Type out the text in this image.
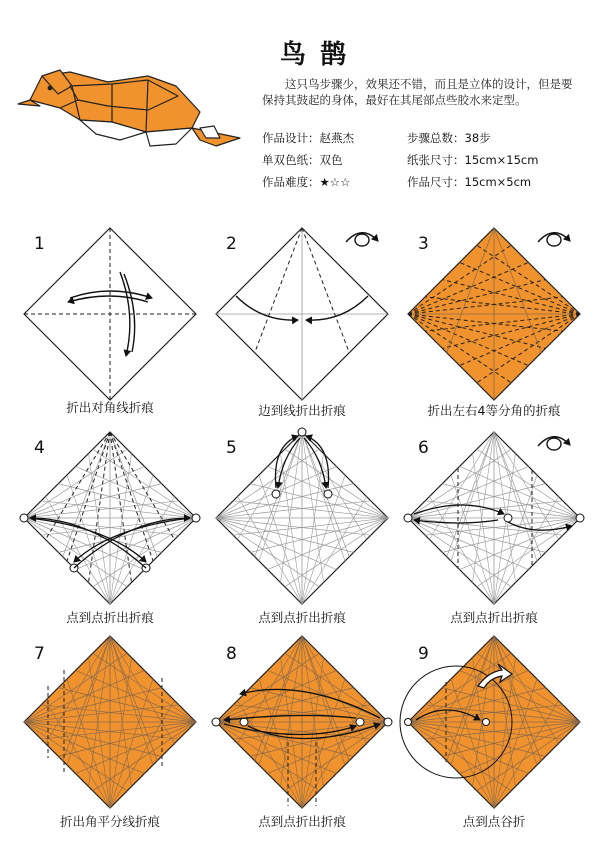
鸟鹊
这只鸟步骤少，效果还不错，而且是立体的设计，但是要保持其鼓起的身体，最好在其尾部点些胶水来定型。
作品设计：赵燕杰	步骤总数：38步
单双色纸：双色	纸张尺寸：15cm×15cm
作品难度：★☆☆	作品尺寸：15cm×5cm
1	2	3
4	5	6
7	8	9
折出对角线折痕	边到线折出折痕	折出左右4等分角的折痕
点到点折出折痕	点到点折出折痕	点到点折出折痕
折出角平分线折痕	点到点折出折痕	点到点谷折
